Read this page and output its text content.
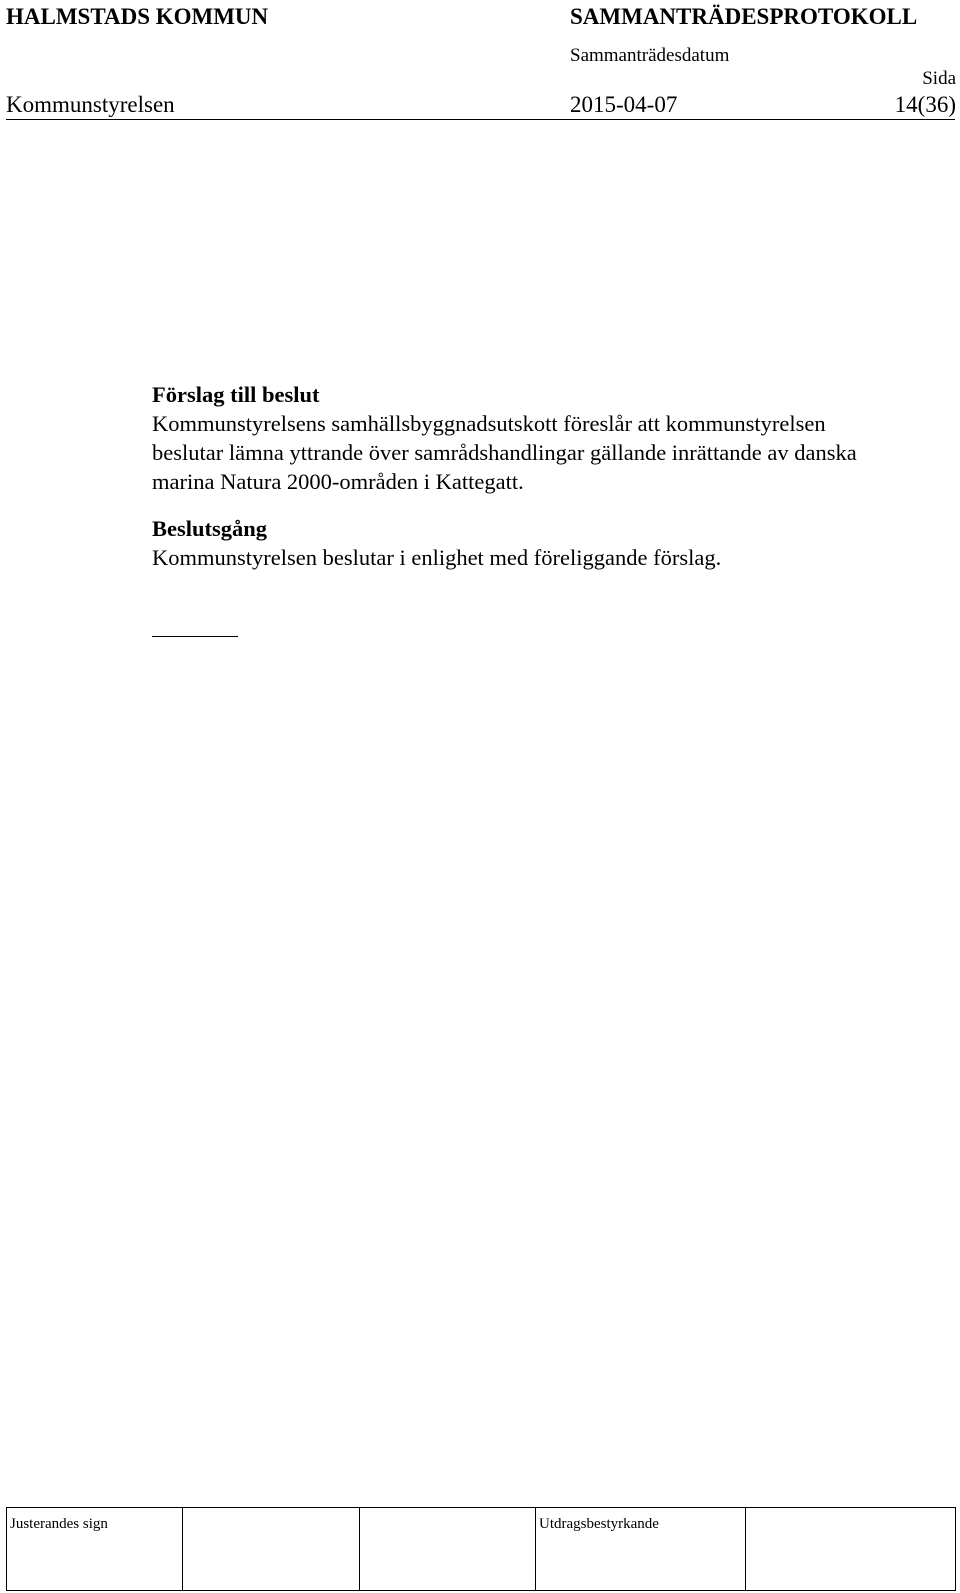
HALMSTADS KOMMUN	SAMMANTRÄDESPROTOKOLL
Sammanträdesdatum
Sida
Kommunstyrelsen	2015-04-07	14(36)

Förslag till beslut

Kommunstyrelsens samhällsbyggnadsutskott föreslår att kommunstyrelsen

beslutar lämna yttrande över samrådshandlingar gällande inrättande av danska

marina Natura 2000-områden i Kattegatt.

Beslutsgång

Kommunstyrelsen beslutar i enlighet med föreliggande förslag.

Justerandes sign			Utdragsbestyrkande
